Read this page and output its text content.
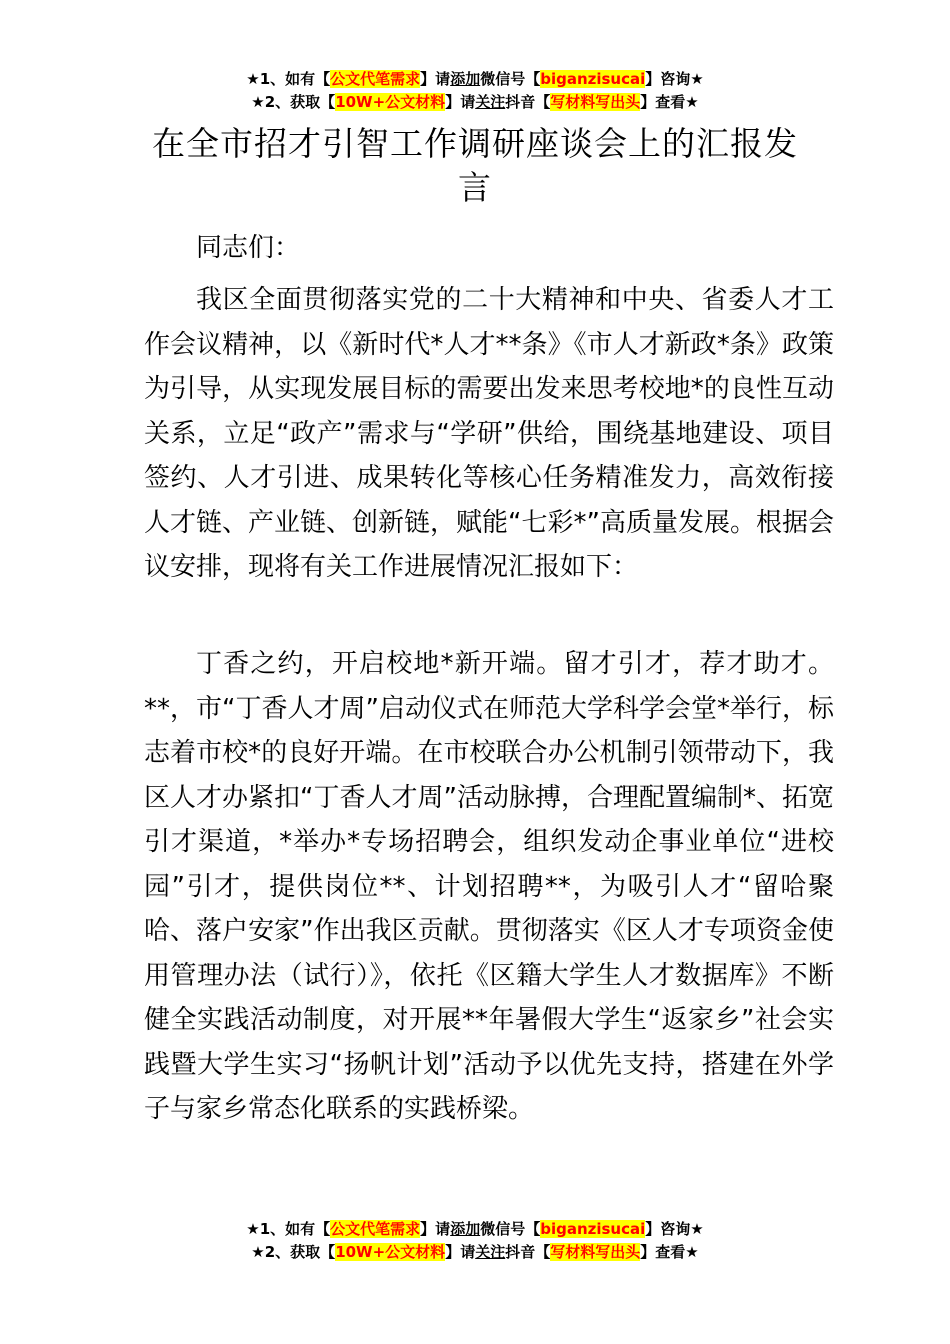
★1、如有【公文代笔需求】请添加微信号【biganzisucai】咨询★
★2、获取【10W+公文材料】请关注抖音【写材料写出头】查看★
在全市招才引智工作调研座谈会上的汇报发言

同志们：

我区全面贯彻落实党的二十大精神和中央、省委人才工作会议精神，以《新时代*人才**条》《市人才新政*条》政策为引导，从实现发展目标的需要出发来思考校地*的良性互动关系，立足“政产”需求与“学研”供给，围绕基地建设、项目签约、人才引进、成果转化等核心任务精准发力，高效衔接人才链、产业链、创新链，赋能“七彩*”高质量发展。根据会议安排，现将有关工作进展情况汇报如下：

丁香之约，开启校地*新开端。留才引才，荐才助才。**，市“丁香人才周”启动仪式在师范大学科学会堂*举行，标志着市校*的良好开端。在市校联合办公机制引领带动下，我区人才办紧扣“丁香人才周”活动脉搏，合理配置编制*、拓宽引才渠道，*举办*专场招聘会，组织发动企事业单位“进校园”引才，提供岗位**、计划招聘**，为吸引人才“留哈聚哈、落户安家”作出我区贡献。贯彻落实《区人才专项资金使用管理办法（试行）》，依托《区籍大学生人才数据库》不断健全实践活动制度，对开展**年暑假大学生“返家乡”社会实践暨大学生实习“扬帆计划”活动予以优先支持，搭建在外学子与家乡常态化联系的实践桥梁。

★1、如有【公文代笔需求】请添加微信号【biganzisucai】咨询★
★2、获取【10W+公文材料】请关注抖音【写材料写出头】查看★
